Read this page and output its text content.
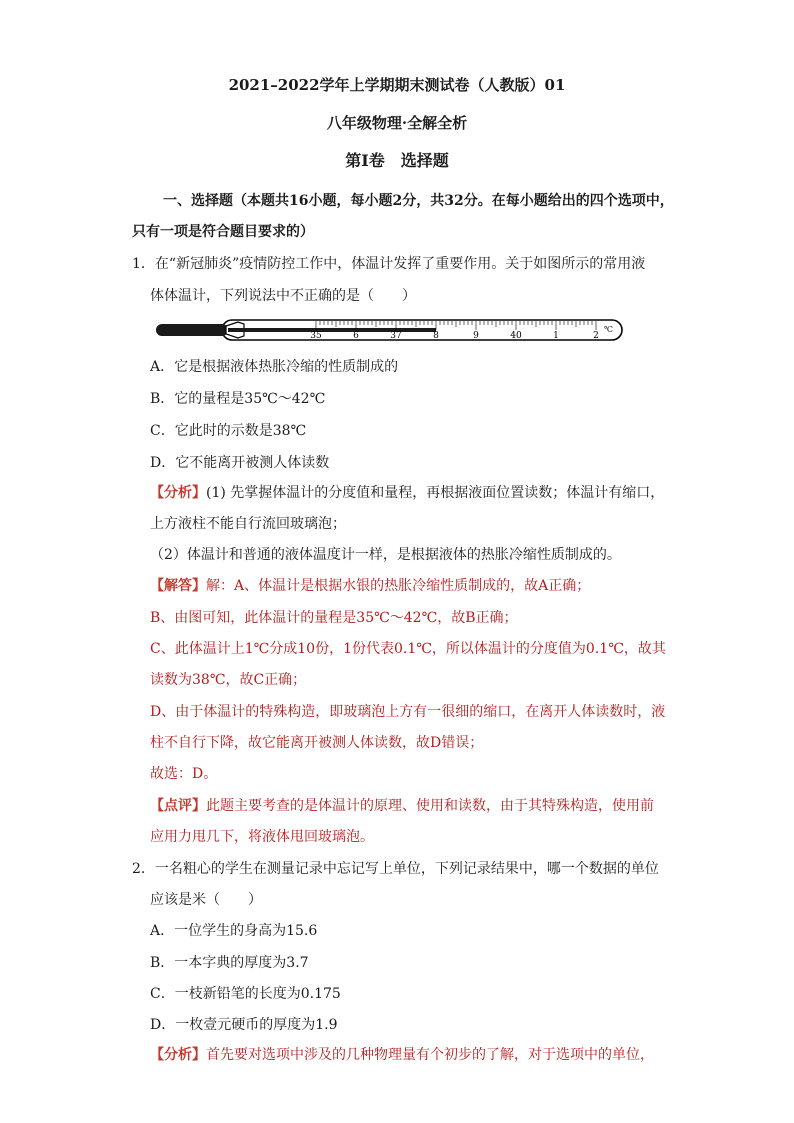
2021–2022学年上学期期末测试卷（人教版）01
八年级物理·全解全析
第Ⅰ卷　选择题
一、选择题（本题共16小题，每小题2分，共32分。在每小题给出的四个选项中，
只有一项是符合题目要求的）
1．在“新冠肺炎”疫情防控工作中，体温计发挥了重要作用。关于如图所示的常用液
体体温计，下列说法中不正确的是（　　）
35	6	37	8	9	40	1	2
℃
A．它是根据液体热胀冷缩的性质制成的
B．它的量程是35℃～42℃
C．它此时的示数是38℃
D．它不能离开被测人体读数
【分析】(1) 先掌握体温计的分度值和量程，再根据液面位置读数；体温计有缩口，
上方液柱不能自行流回玻璃泡；
（2）体温计和普通的液体温度计一样，是根据液体的热胀冷缩性质制成的。
【解答】解：A、体温计是根据水银的热胀冷缩性质制成的，故A正确；
B、由图可知，此体温计的量程是35℃～42℃，故B正确；
C、此体温计上1℃分成10份，1份代表0.1℃，所以体温计的分度值为0.1℃，故其
读数为38℃，故C正确；
D、由于体温计的特殊构造，即玻璃泡上方有一很细的缩口，在离开人体读数时，液
柱不自行下降，故它能离开被测人体读数，故D错误；
故选：D。
【点评】此题主要考查的是体温计的原理、使用和读数，由于其特殊构造，使用前
应用力甩几下，将液体甩回玻璃泡。
2．一名粗心的学生在测量记录中忘记写上单位，下列记录结果中，哪一个数据的单位
应该是米（　　）
A．一位学生的身高为15.6
B．一本字典的厚度为3.7
C．一枝新铅笔的长度为0.175
D．一枚壹元硬币的厚度为1.9
【分析】首先要对选项中涉及的几种物理量有个初步的了解，对于选项中的单位，
